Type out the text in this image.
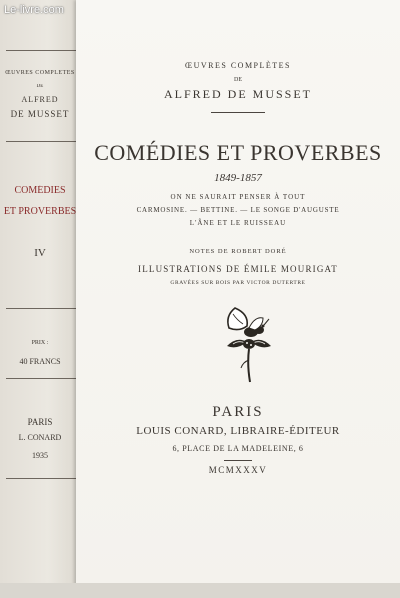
Le-livre.com
ŒUVRES COMPLÈTES
DE
ALFRED
DE MUSSET
COMÉDIES
ET PROVERBES
IV
PRIX :
40 FRANCS
PARIS
L. CONARD
1935
ŒUVRES COMPLÈTES
DE
ALFRED DE MUSSET
COMÉDIES ET PROVERBES
1849-1857
ON NE SAURAIT PENSER À TOUT
CARMOSINE. — BETTINE. — LE SONGE D'AUGUSTE
L'ÂNE ET LE RUISSEAU
NOTES DE ROBERT DORÉ
ILLUSTRATIONS DE ÉMILE MOURIGAT
GRAVÉES SUR BOIS PAR VICTOR DUTERTRE
PARIS
LOUIS CONARD, LIBRAIRE-ÉDITEUR
6, PLACE DE LA MADELEINE, 6
MCMXXXV
